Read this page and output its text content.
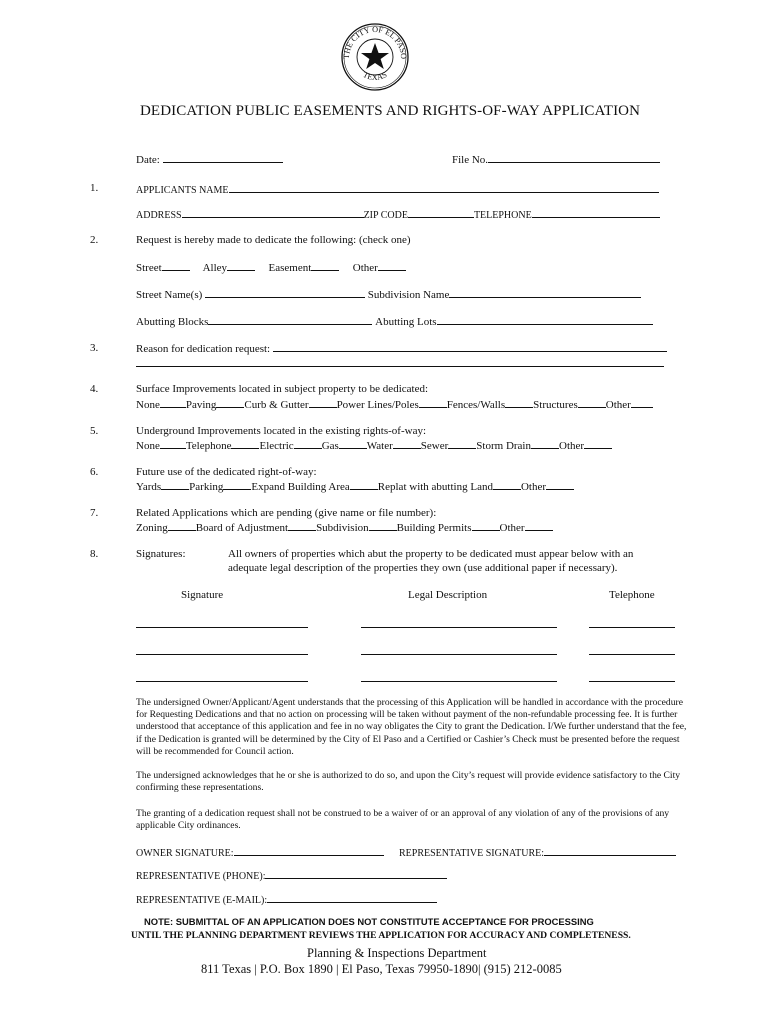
THE CITY OF EL PASO
TEXAS
DEDICATION PUBLIC EASEMENTS AND RIGHTS-OF-WAY APPLICATION
Date:	File No.
1.	APPLICANTS NAME
ADDRESS	ZIP CODE	TELEPHONE
2.	Request is hereby made to dedicate the following: (check one)
Street	Alley	Easement	Other
Street Name(s)	Subdivision Name
Abutting Blocks	Abutting Lots
3.	Reason for dedication request:
4.	Surface Improvements located in subject property to be dedicated:
None Paving	Curb & Gutter	Power Lines/Poles	Fences/Walls	Structures	Other
5.	Underground Improvements located in the existing rights-of-way:
None Telephone	Electric	Gas	Water	Sewer	Storm Drain	Other
6.	Future use of the dedicated right-of-way:
Yards	Parking	Expand Building Area	Replat with abutting Land	Other
7.	Related Applications which are pending (give name or file number):
Zoning	Board of Adjustment	Subdivision	Building Permits	Other
8.	Signatures:	All owners of properties which abut the property to be dedicated must appear below with an
adequate legal description of the properties they own (use additional paper if necessary).
Signature	Legal Description	Telephone
The undersigned Owner/Applicant/Agent understands that the processing of this Application will be handled in accordance with the procedure for Requesting Dedications and that no action on processing will be taken without payment of the non-refundable processing fee. It is further understood that acceptance of this application and fee in no way obligates the City to grant the Dedication. I/We further understand that the fee, if the Dedication is granted will be determined by the City of El Paso and a Certified or Cashier’s Check must be presented before the request will be recommended for Council action.
The undersigned acknowledges that he or she is authorized to do so, and upon the City’s request will provide evidence satisfactory to the City confirming these representations.
The granting of a dedication request shall not be construed to be a waiver of or an approval of any violation of any of the provisions of any applicable City ordinances.
OWNER SIGNATURE:	REPRESENTATIVE SIGNATURE:
REPRESENTATIVE (PHONE):
REPRESENTATIVE (E-MAIL):
NOTE: SUBMITTAL OF AN APPLICATION DOES NOT CONSTITUTE ACCEPTANCE FOR PROCESSING
UNTIL THE PLANNING DEPARTMENT REVIEWS THE APPLICATION FOR ACCURACY AND COMPLETENESS.
Planning & Inspections Department
811 Texas | P.O. Box 1890 | El Paso, Texas 79950-1890| (915) 212-0085
